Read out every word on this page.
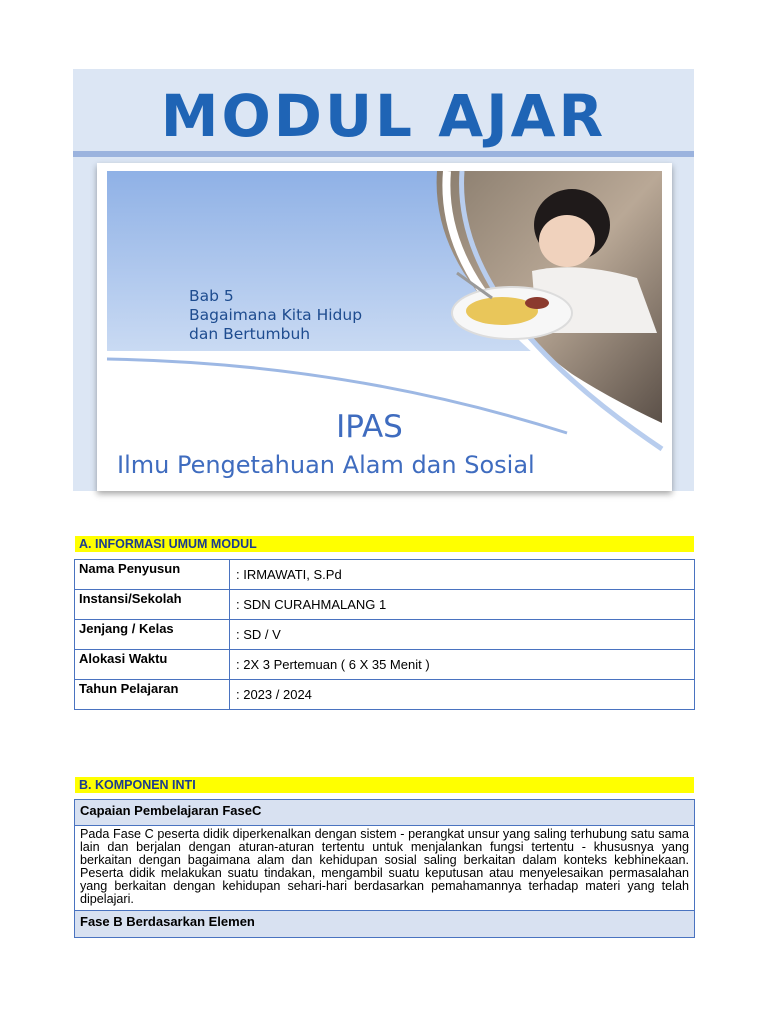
MODUL AJAR
Bab 5
Bagaimana Kita Hidup
dan Bertumbuh
IPAS
Ilmu Pengetahuan Alam dan Sosial
A. INFORMASI UMUM MODUL
Nama Penyusun	: IRMAWATI, S.Pd
Instansi/Sekolah	: SDN CURAHMALANG 1
Jenjang / Kelas	: SD / V
Alokasi Waktu	: 2X 3 Pertemuan ( 6 X 35 Menit )
Tahun Pelajaran	: 2023 / 2024
B. KOMPONEN INTI
Capaian Pembelajaran FaseC
Pada Fase C peserta didik diperkenalkan dengan sistem - perangkat unsur yang saling terhubung satu sama lain dan berjalan dengan aturan-aturan tertentu untuk menjalankan fungsi tertentu - khususnya yang berkaitan dengan bagaimana alam dan kehidupan sosial saling berkaitan dalam konteks kebhinekaan. Peserta didik melakukan suatu tindakan, mengambil suatu keputusan atau menyelesaikan permasalahan yang berkaitan dengan kehidupan sehari-hari berdasarkan pemahamannya terhadap materi yang telah dipelajari.
Fase B Berdasarkan Elemen
